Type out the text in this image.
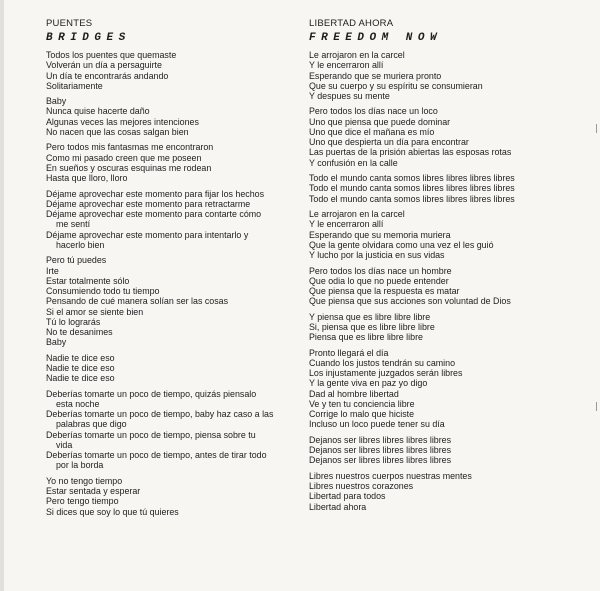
PUENTES
BRIDGES
Todos los puentes que quemaste
Volverán un día a persaguirte
Un día te encontrarás andando
Solitariamente
Baby
Nunca quise hacerte daño
Algunas veces las mejores intenciones
No nacen que las cosas salgan bien
Pero todos mis fantasmas me encontraron
Como mi pasado creen que me poseen
En sueños y oscuras esquinas me rodean
Hasta que lloro, lloro
Déjame aprovechar este momento para fijar los hechos
Déjame aprovechar este momento para retractarme
Déjame aprovechar este momento para contarte cómo
me sentí
Déjame aprovechar este momento para intentarlo y
hacerlo bien
Pero tú puedes
Irte
Estar totalmente sólo
Consumiendo todo tu tiempo
Pensando de cué manera solían ser las cosas
Si el amor se siente bien
Tú lo lograrás
No te desanimes
Baby
Nadie te dice eso
Nadie te dice eso
Nadie te dice eso
Deberías tomarte un poco de tiempo, quizás piensalo
esta noche
Deberías tomarte un poco de tiempo, baby haz caso a las
palabras que digo
Deberías tomarte un poco de tiempo, piensa sobre tu
vida
Deberías tomarte un poco de tiempo, antes de tirar todo
por la borda
Yo no tengo tiempo
Estar sentada y esperar
Pero tengo tiempo
Si dices que soy lo que tú quieres
LIBERTAD AHORA
FREEDOM NOW
Le arrojaron en la carcel
Y le encerraron allí
Esperando que se muriera pronto
Que su cuerpo y su espíritu se consumieran
Y despues su mente
Pero todos los días nace un loco
Uno que piensa que puede dominar
Uno que dice el mañana es mío
Uno que despierta un día para encontrar
Las puertas de la prisión abiertas las esposas rotas
Y confusión en la calle
Todo el mundo canta somos libres libres libres libres
Todo el mundo canta somos libres libres libres libres
Todo el mundo canta somos libres libres libres libres
Le arrojaron en la carcel
Y le encerraron allí
Esperando que su memoria muriera
Que la gente olvidara como una vez el les guió
Y lucho por la justicia en sus vidas
Pero todos los días nace un hombre
Que odia lo que no puede entender
Que piensa que la respuesta es matar
Que piensa que sus acciones son voluntad de Dios
Y piensa que es libre libre libre
Si, piensa que es libre libre libre
Piensa que es libre libre libre
Pronto llegará el día
Cuando los justos tendrán su camino
Los injustamente juzgados serán libres
Y la gente viva en paz yo digo
Dad al hombre libertad
Ve y ten tu conciencia libre
Corrige lo malo que hiciste
Incluso un loco puede tener su día
Dejanos ser libres libres libres libres
Dejanos ser libres libres libres libres
Dejanos ser libres libres libres libres
Libres nuestros cuerpos nuestras mentes
Libres nuestros corazones
Libertad para todos
Libertad ahora
